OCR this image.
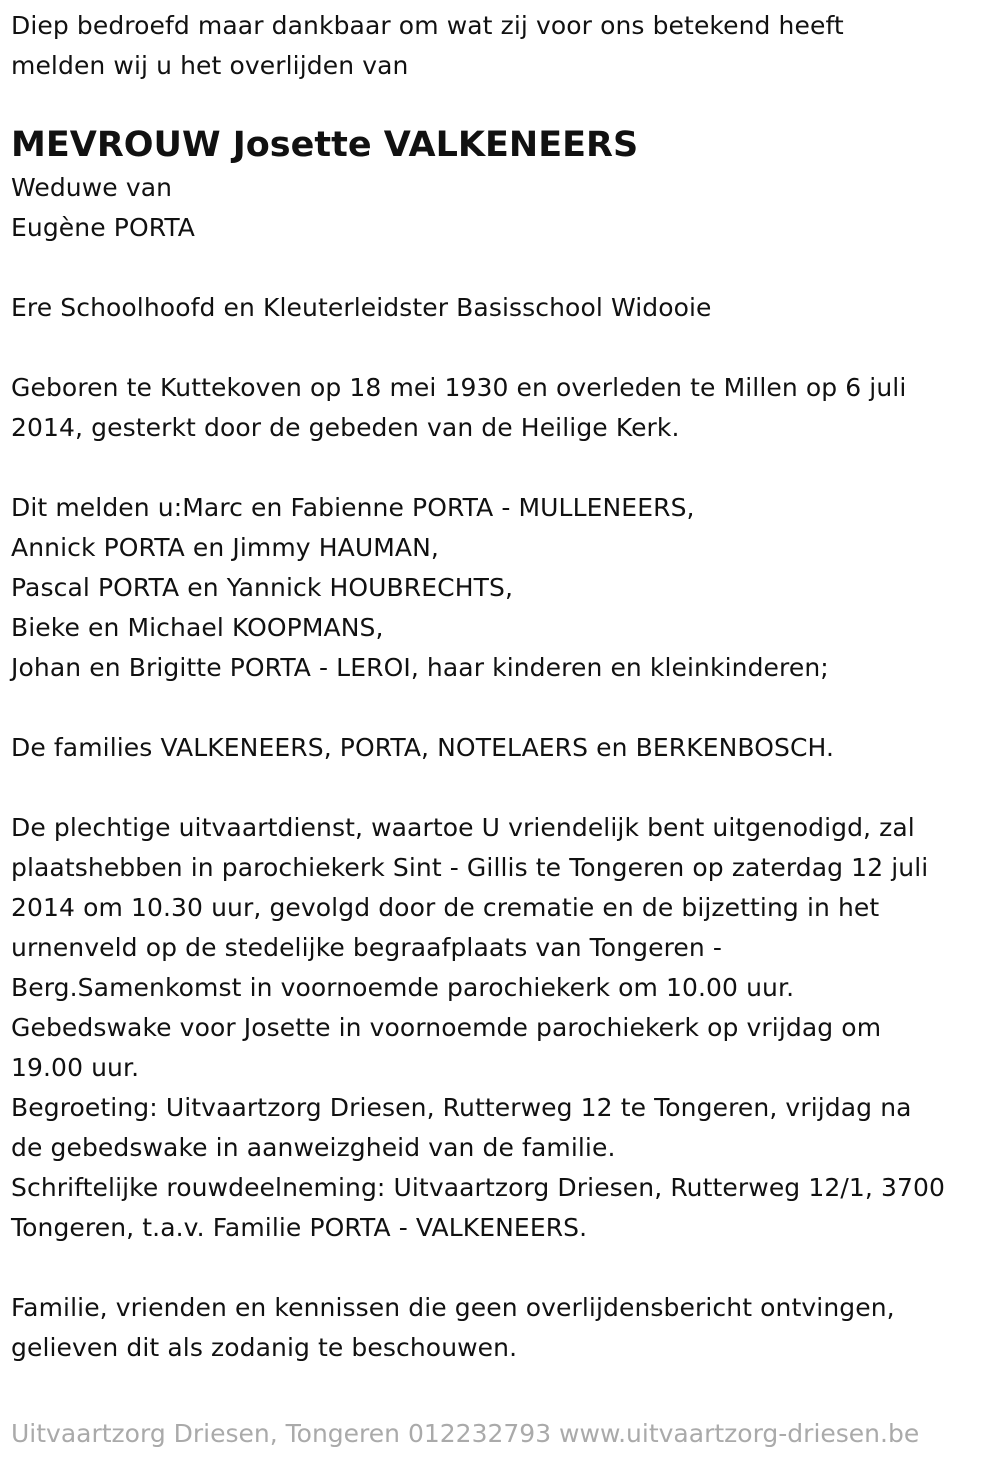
Diep bedroefd maar dankbaar om wat zij voor ons betekend heeft
melden wij u het overlijden van
MEVROUW Josette VALKENEERS
Weduwe van
Eugène PORTA
Ere Schoolhoofd en Kleuterleidster Basisschool Widooie
Geboren te Kuttekoven op 18 mei 1930 en overleden te Millen op 6 juli
2014, gesterkt door de gebeden van de Heilige Kerk.
Dit melden u:Marc en Fabienne PORTA - MULLENEERS,
Annick PORTA en Jimmy HAUMAN,
Pascal PORTA en Yannick HOUBRECHTS,
Bieke en Michael KOOPMANS,
Johan en Brigitte PORTA - LEROI, haar kinderen en kleinkinderen;
De families VALKENEERS, PORTA, NOTELAERS en BERKENBOSCH.
De plechtige uitvaartdienst, waartoe U vriendelijk bent uitgenodigd, zal
plaatshebben in parochiekerk Sint - Gillis te Tongeren op zaterdag 12 juli
2014 om 10.30 uur, gevolgd door de crematie en de bijzetting in het
urnenveld op de stedelijke begraafplaats van Tongeren -
Berg.Samenkomst in voornoemde parochiekerk om 10.00 uur.
Gebedswake voor Josette in voornoemde parochiekerk op vrijdag om
19.00 uur.
Begroeting: Uitvaartzorg Driesen, Rutterweg 12 te Tongeren, vrijdag na
de gebedswake in aanweizgheid van de familie.
Schriftelijke rouwdeelneming: Uitvaartzorg Driesen, Rutterweg 12/1, 3700
Tongeren, t.a.v. Familie PORTA - VALKENEERS.
Familie, vrienden en kennissen die geen overlijdensbericht ontvingen,
gelieven dit als zodanig te beschouwen.
Uitvaartzorg Driesen, Tongeren 012232793 www.uitvaartzorg-driesen.be
